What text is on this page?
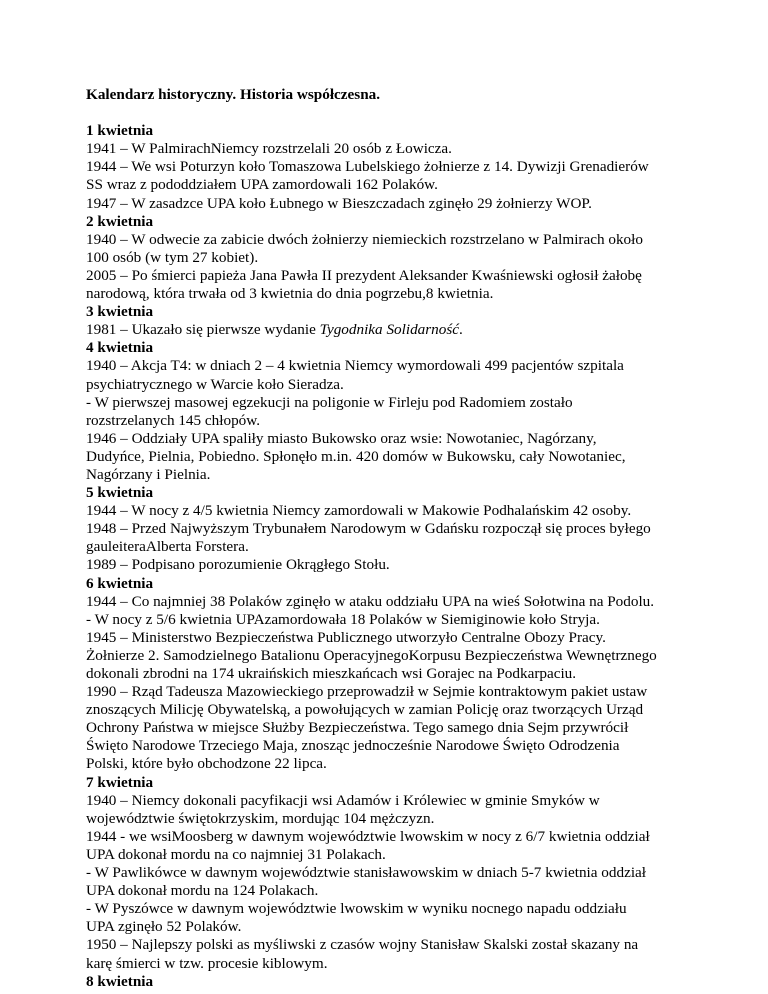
Kalendarz historyczny. Historia współczesna.
1 kwietnia
1941 – W PalmirachNiemcy rozstrzelali 20 osób z Łowicza.
1944 – We wsi Poturzyn koło Tomaszowa Lubelskiego żołnierze z 14. Dywizji Grenadierów
SS wraz z pododdziałem UPA zamordowali 162 Polaków.
1947 – W zasadzce UPA koło Łubnego w Bieszczadach zginęło 29 żołnierzy WOP.
2 kwietnia
1940 – W odwecie za zabicie dwóch żołnierzy niemieckich rozstrzelano w Palmirach około
100 osób (w tym 27 kobiet).
2005 – Po śmierci papieża Jana Pawła II prezydent Aleksander Kwaśniewski ogłosił żałobę
narodową, która trwała od 3 kwietnia do dnia pogrzebu,8 kwietnia.
3 kwietnia
1981 – Ukazało się pierwsze wydanie Tygodnika Solidarność.
4 kwietnia
1940 – Akcja T4: w dniach 2 – 4 kwietnia Niemcy wymordowali 499 pacjentów szpitala
psychiatrycznego w Warcie koło Sieradza.
- W pierwszej masowej egzekucji na poligonie w Firleju pod Radomiem zostało
rozstrzelanych 145 chłopów.
1946 – Oddziały UPA spaliły miasto Bukowsko oraz wsie: Nowotaniec, Nagórzany,
Dudyńce, Pielnia, Pobiedno. Spłonęło m.in. 420 domów w Bukowsku, cały Nowotaniec,
Nagórzany i Pielnia.
5 kwietnia
1944 – W nocy z 4/5 kwietnia Niemcy zamordowali w Makowie Podhalańskim 42 osoby.
1948 – Przed Najwyższym Trybunałem Narodowym w Gdańsku rozpoczął się proces byłego
gauleiteraAlberta Forstera.
1989 – Podpisano porozumienie Okrągłego Stołu.
6 kwietnia
1944 – Co najmniej 38 Polaków zginęło w ataku oddziału UPA na wieś Sołotwina na Podolu.
- W nocy z 5/6 kwietnia UPAzamordowała 18 Polaków w Siemiginowie koło Stryja.
1945 – Ministerstwo Bezpieczeństwa Publicznego utworzyło Centralne Obozy Pracy.
Żołnierze 2. Samodzielnego Batalionu OperacyjnegoKorpusu Bezpieczeństwa Wewnętrznego
dokonali zbrodni na 174 ukraińskich mieszkańcach wsi Gorajec na Podkarpaciu.
1990 – Rząd Tadeusza Mazowieckiego przeprowadził w Sejmie kontraktowym pakiet ustaw
znoszących Milicję Obywatelską, a powołujących w zamian Policję oraz tworzących Urząd
Ochrony Państwa w miejsce Służby Bezpieczeństwa. Tego samego dnia Sejm przywrócił
Święto Narodowe Trzeciego Maja, znosząc jednocześnie Narodowe Święto Odrodzenia
Polski, które było obchodzone 22 lipca.
7 kwietnia
1940 – Niemcy dokonali pacyfikacji wsi Adamów i Królewiec w gminie Smyków w
województwie świętokrzyskim, mordując 104 mężczyzn.
1944 - we wsiMoosberg w dawnym województwie lwowskim w nocy z 6/7 kwietnia oddział
UPA dokonał mordu na co najmniej 31 Polakach.
- W Pawlikówce w dawnym województwie stanisławowskim w dniach 5-7 kwietnia oddział
UPA dokonał mordu na 124 Polakach.
- W Pyszówce w dawnym województwie lwowskim w wyniku nocnego napadu oddziału
UPA zginęło 52 Polaków.
1950 – Najlepszy polski as myśliwski z czasów wojny Stanisław Skalski został skazany na
karę śmierci w tzw. procesie kiblowym.
8 kwietnia
